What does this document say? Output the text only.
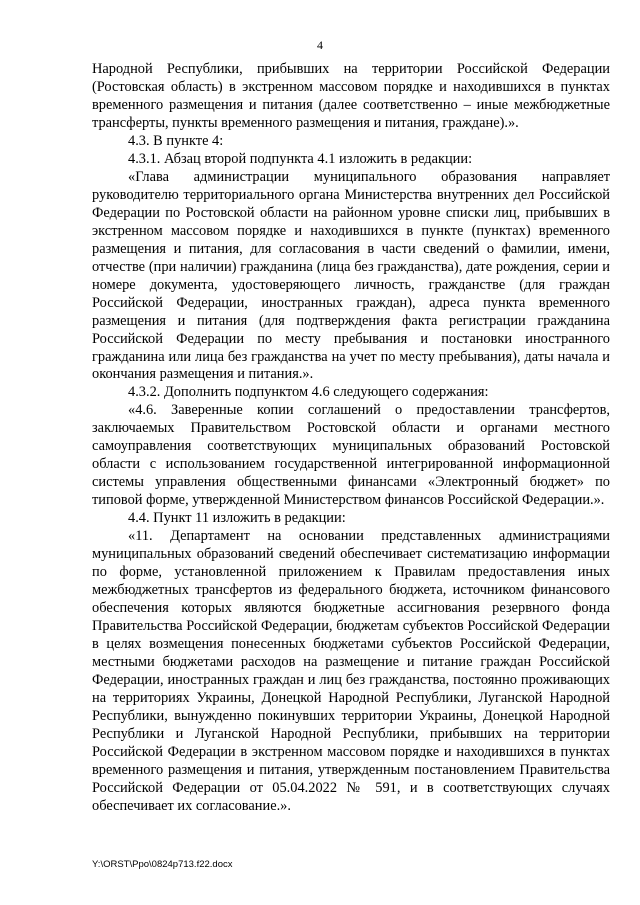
4

Народной Республики, прибывших на территории Российской Федерации (Ростовская область) в экстренном массовом порядке и находившихся в пунктах временного размещения и питания (далее соответственно – иные межбюджетные трансферты, пункты временного размещения и питания, граждане).».

4.3. В пункте 4:

4.3.1. Абзац второй подпункта 4.1 изложить в редакции:

«Глава администрации муниципального образования направляет руководителю территориального органа Министерства внутренних дел Российской Федерации по Ростовской области на районном уровне списки лиц, прибывших в экстренном массовом порядке и находившихся в пункте (пунктах) временного размещения и питания, для согласования в части сведений о фамилии, имени, отчестве (при наличии) гражданина (лица без гражданства), дате рождения, серии и номере документа, удостоверяющего личность, гражданстве (для граждан Российской Федерации, иностранных граждан), адреса пункта временного размещения и питания (для подтверждения факта регистрации гражданина Российской Федерации по месту пребывания и постановки иностранного гражданина или лица без гражданства на учет по месту пребывания), даты начала и окончания размещения и питания.».

4.3.2. Дополнить подпунктом 4.6 следующего содержания:

«4.6. Заверенные копии соглашений о предоставлении трансфертов, заключаемых Правительством Ростовской области и органами местного самоуправления соответствующих муниципальных образований Ростовской области с использованием государственной интегрированной информационной системы управления общественными финансами «Электронный бюджет» по типовой форме, утвержденной Министерством финансов Российской Федерации.».

4.4. Пункт 11 изложить в редакции:

«11. Департамент на основании представленных администрациями муниципальных образований сведений обеспечивает систематизацию информации по форме, установленной приложением к Правилам предоставления иных межбюджетных трансфертов из федерального бюджета, источником финансового обеспечения которых являются бюджетные ассигнования резервного фонда Правительства Российской Федерации, бюджетам субъектов Российской Федерации в целях возмещения понесенных бюджетами субъектов Российской Федерации, местными бюджетами расходов на размещение и питание граждан Российской Федерации, иностранных граждан и лиц без гражданства, постоянно проживающих на территориях Украины, Донецкой Народной Республики, Луганской Народной Республики, вынужденно покинувших территории Украины, Донецкой Народной Республики и Луганской Народной Республики, прибывших на территории Российской Федерации в экстренном массовом порядке и находившихся в пунктах временного размещения и питания, утвержденным постановлением Правительства Российской Федерации от 05.04.2022 № 591, и в соответствующих случаях обеспечивает их согласование.».

Y:\ORST\Ppo\0824p713.f22.docx
